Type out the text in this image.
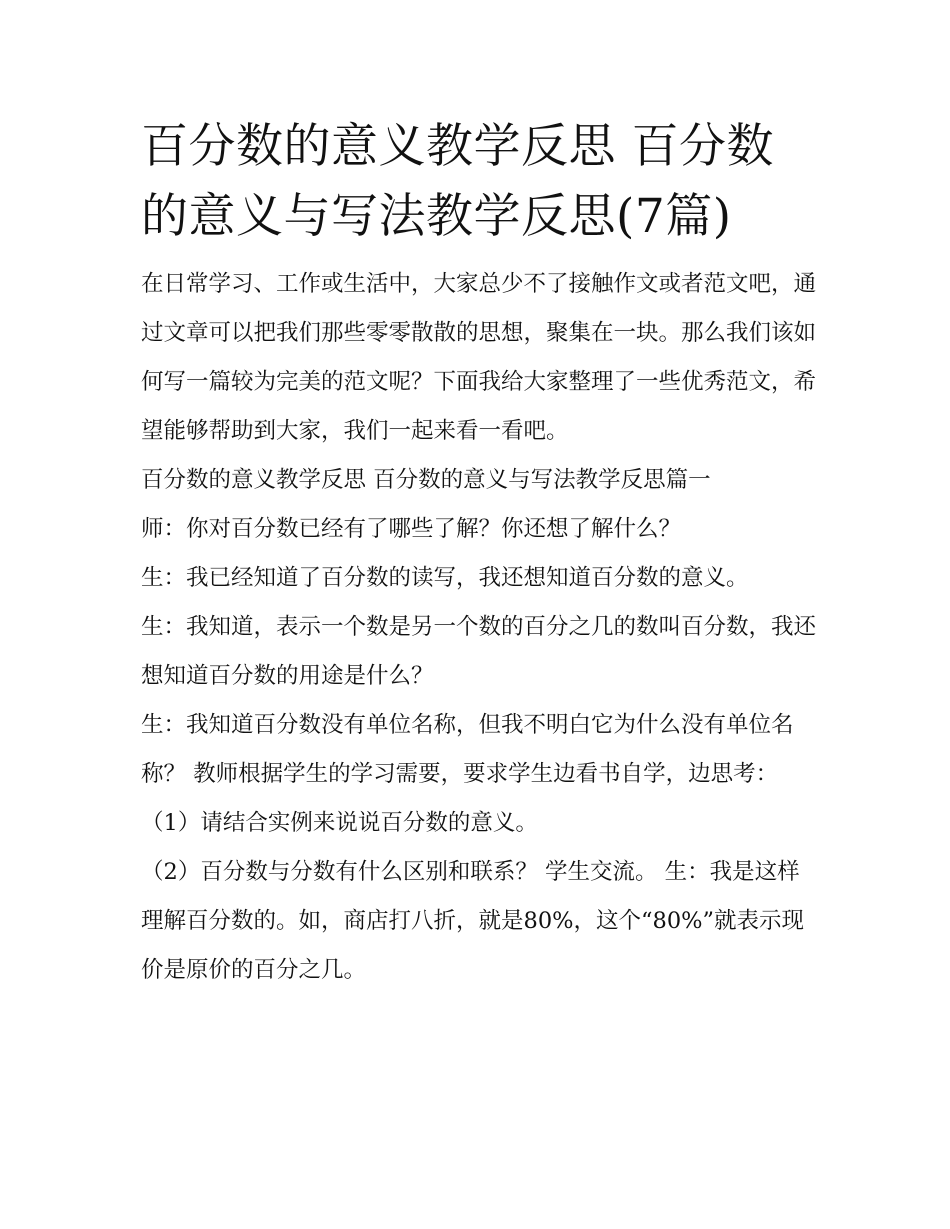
百分数的意义教学反思 百分数的意义与写法教学反思(7篇)

在日常学习、工作或生活中，大家总少不了接触作文或者范文吧，通过文章可以把我们那些零零散散的思想，聚集在一块。那么我们该如何写一篇较为完美的范文呢？下面我给大家整理了一些优秀范文，希望能够帮助到大家，我们一起来看一看吧。

百分数的意义教学反思 百分数的意义与写法教学反思篇一

师：你对百分数已经有了哪些了解？你还想了解什么？

生：我已经知道了百分数的读写，我还想知道百分数的意义。

生：我知道，表示一个数是另一个数的百分之几的数叫百分数，我还想知道百分数的用途是什么？

生：我知道百分数没有单位名称，但我不明白它为什么没有单位名称？ 教师根据学生的学习需要，要求学生边看书自学，边思考： （1）请结合实例来说说百分数的意义。

（2）百分数与分数有什么区别和联系？ 学生交流。 生：我是这样理解百分数的。如，商店打八折，就是80%，这个“80%”就表示现价是原价的百分之几。
